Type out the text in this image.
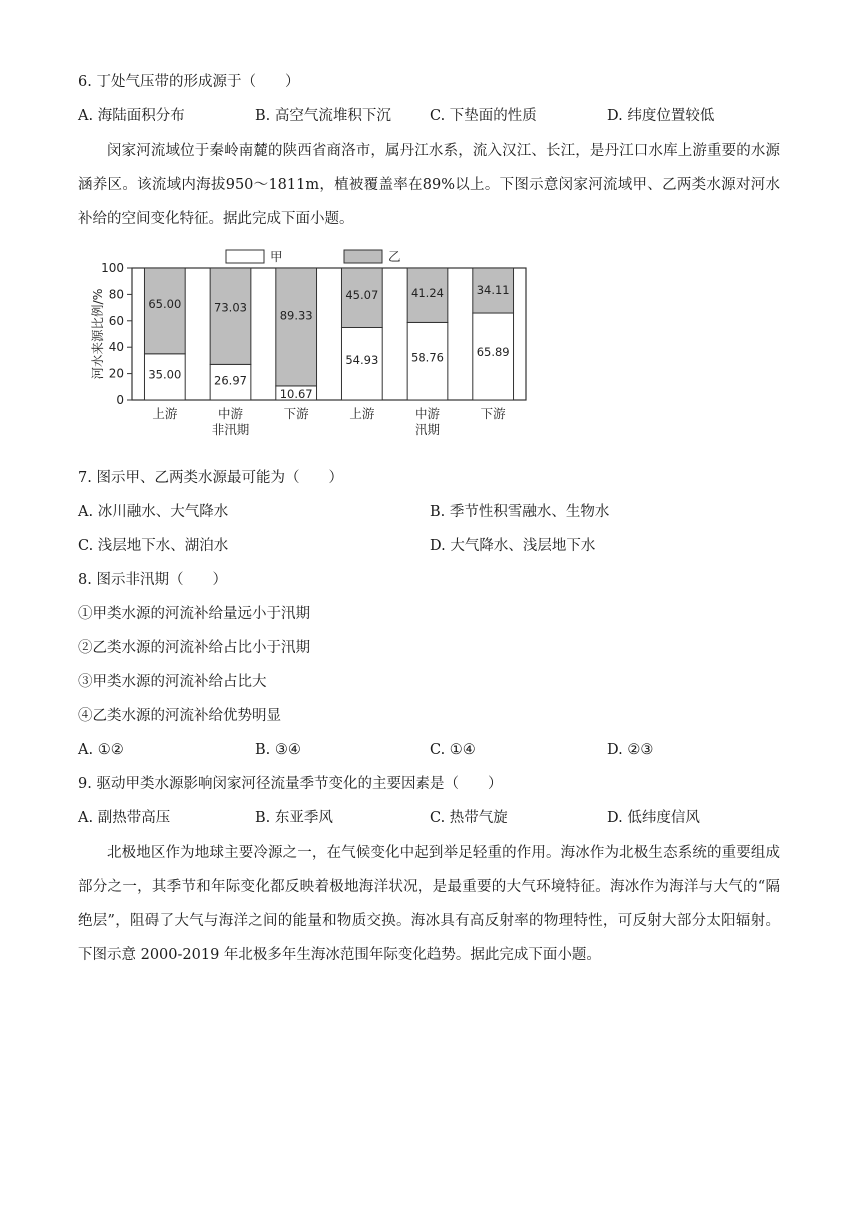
6. 丁处气压带的形成源于（　　）
A. 海陆面积分布	B. 高空气流堆积下沉	C. 下垫面的性质	D. 纬度位置较低
闵家河流域位于秦岭南麓的陕西省商洛市，属丹江水系，流入汉江、长江，是丹江口水库上游重要的水源涵养区。该流域内海拔950～1811m，植被覆盖率在89%以上。下图示意闵家河流域甲、乙两类水源对河水补给的空间变化特征。据此完成下面小题。
0
20
40
60
80
100
河水来源比例/%	35.00
65.00
上游
26.97
73.03
中游
10.67
89.33
下游
54.93
45.07
上游
58.76
41.24
中游
65.89
34.11
下游
非汛期	汛期
甲	乙
7. 图示甲、乙两类水源最可能为（　　）
A. 冰川融水、大气降水	B. 季节性积雪融水、生物水
C. 浅层地下水、湖泊水	D. 大气降水、浅层地下水
8. 图示非汛期（　　）
①甲类水源的河流补给量远小于汛期
②乙类水源的河流补给占比小于汛期
③甲类水源的河流补给占比大
④乙类水源的河流补给优势明显
A. ①②	B. ③④	C. ①④	D. ②③
9. 驱动甲类水源影响闵家河径流量季节变化的主要因素是（　　）
A. 副热带高压	B. 东亚季风	C. 热带气旋	D. 低纬度信风
北极地区作为地球主要冷源之一，在气候变化中起到举足轻重的作用。海冰作为北极生态系统的重要组成部分之一，其季节和年际变化都反映着极地海洋状况，是最重要的大气环境特征。海冰作为海洋与大气的“隔绝层”，阻碍了大气与海洋之间的能量和物质交换。海冰具有高反射率的物理特性，可反射大部分太阳辐射。下图示意 2000-2019 年北极多年生海冰范围年际变化趋势。据此完成下面小题。
